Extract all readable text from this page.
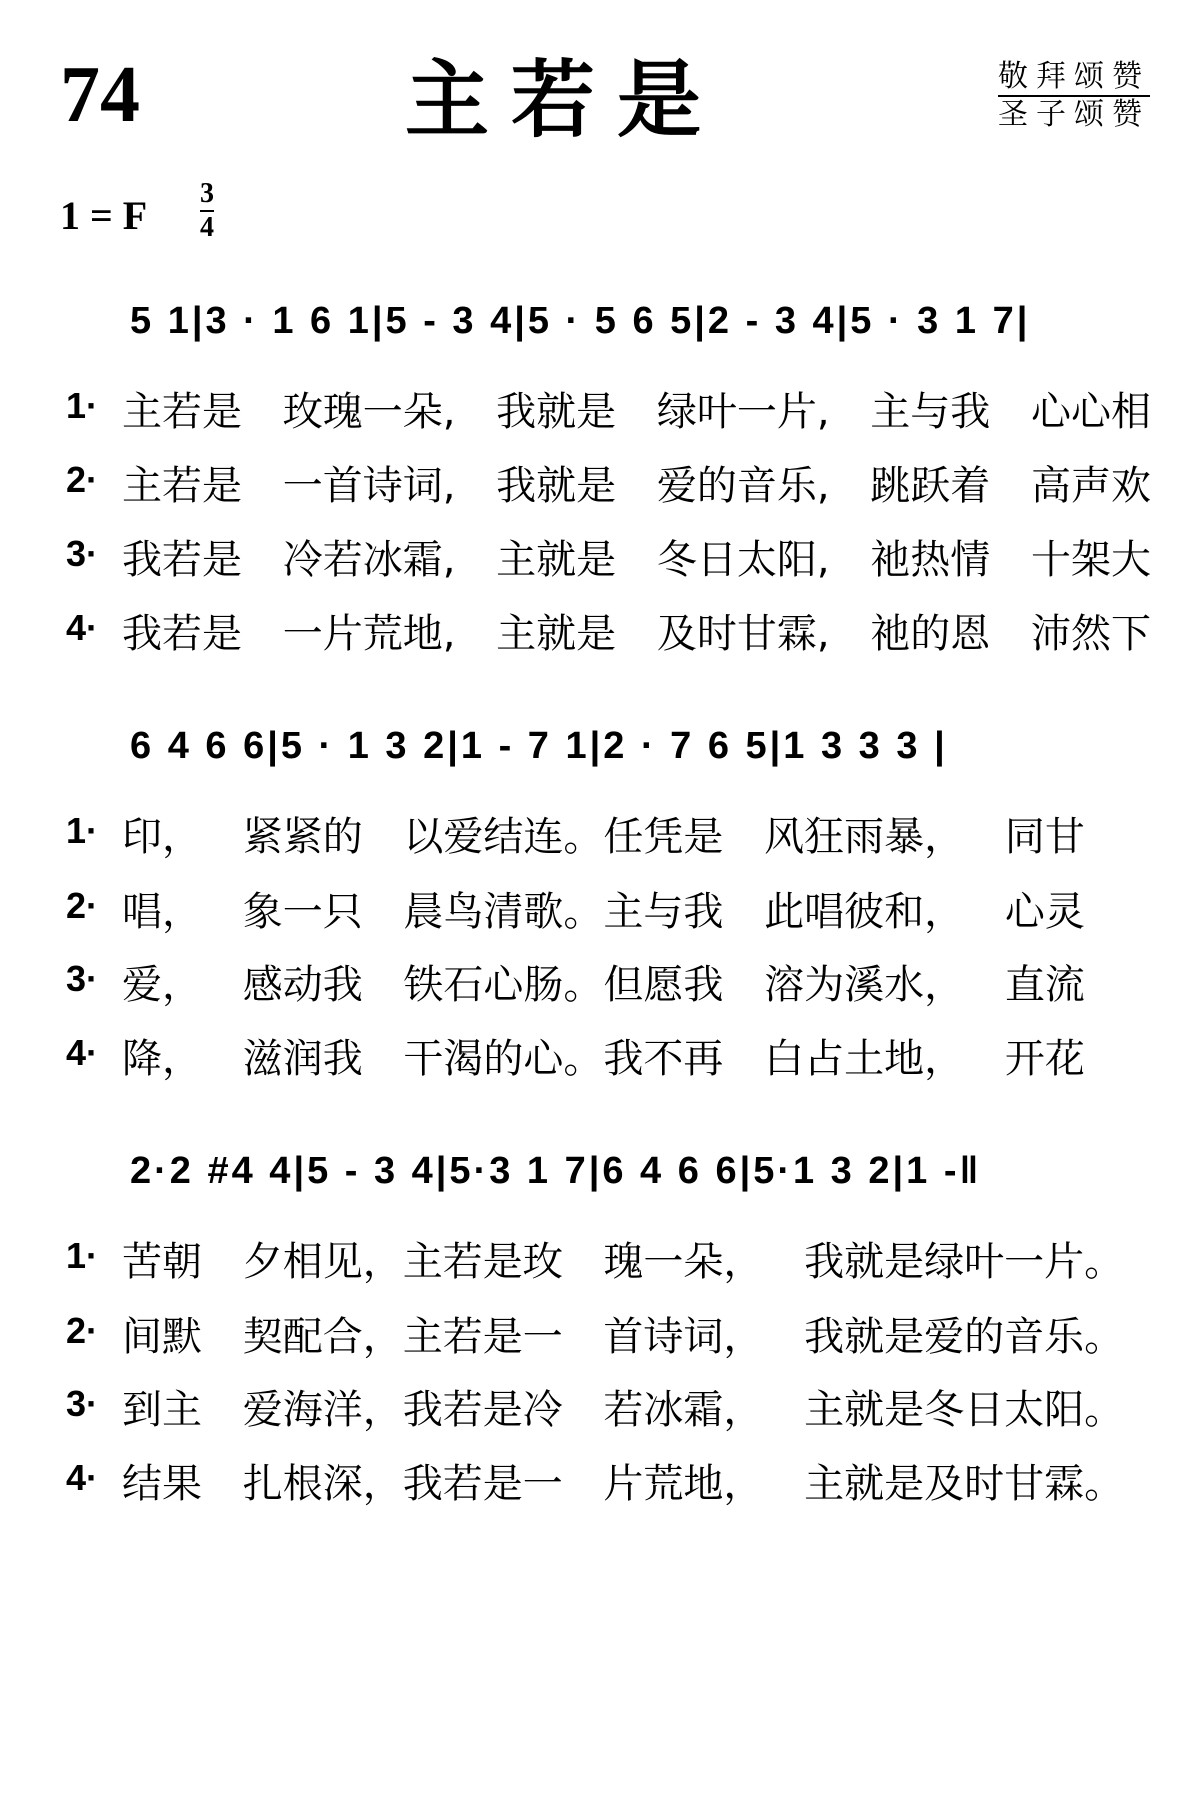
74	主若是	敬拜颂赞
圣子颂赞
1 = F 3
4
5 1|3 · 1 6 1|5 - 3 4|5 · 5 6 5|2 - 3 4|5 · 3 1 7|
1· 主若是 玫瑰一朵, 我就是 绿叶一片, 主与我 心心相
2· 主若是 一首诗词, 我就是 爱的音乐, 跳跃着 高声欢
3· 我若是 冷若冰霜, 主就是 冬日太阳, 祂热情 十架大
4· 我若是 一片荒地, 主就是 及时甘霖, 祂的恩 沛然下
6 4 6 6|5 · 1 3 2|1 - 7 1|2 · 7 6 5|1 3 3 3 |
1· 印， 紧紧的 以爱结连。任凭是 风狂雨暴， 同甘
2· 唱， 象一只 晨鸟清歌。主与我 此唱彼和， 心灵
3· 爱， 感动我 铁石心肠。但愿我 溶为溪水， 直流
4· 降， 滋润我 干渴的心。我不再 白占土地， 开花
2·2 #4 4|5 - 3 4|5·3 1 7|6 4 6 6|5·1 3 2|1 -‖
1· 苦朝 夕相见，主若是玫 瑰一朵， 我就是绿叶一片。
2· 间默 契配合，主若是一 首诗词， 我就是爱的音乐。
3· 到主 爱海洋，我若是冷 若冰霜， 主就是冬日太阳。
4· 结果 扎根深，我若是一 片荒地， 主就是及时甘霖。
